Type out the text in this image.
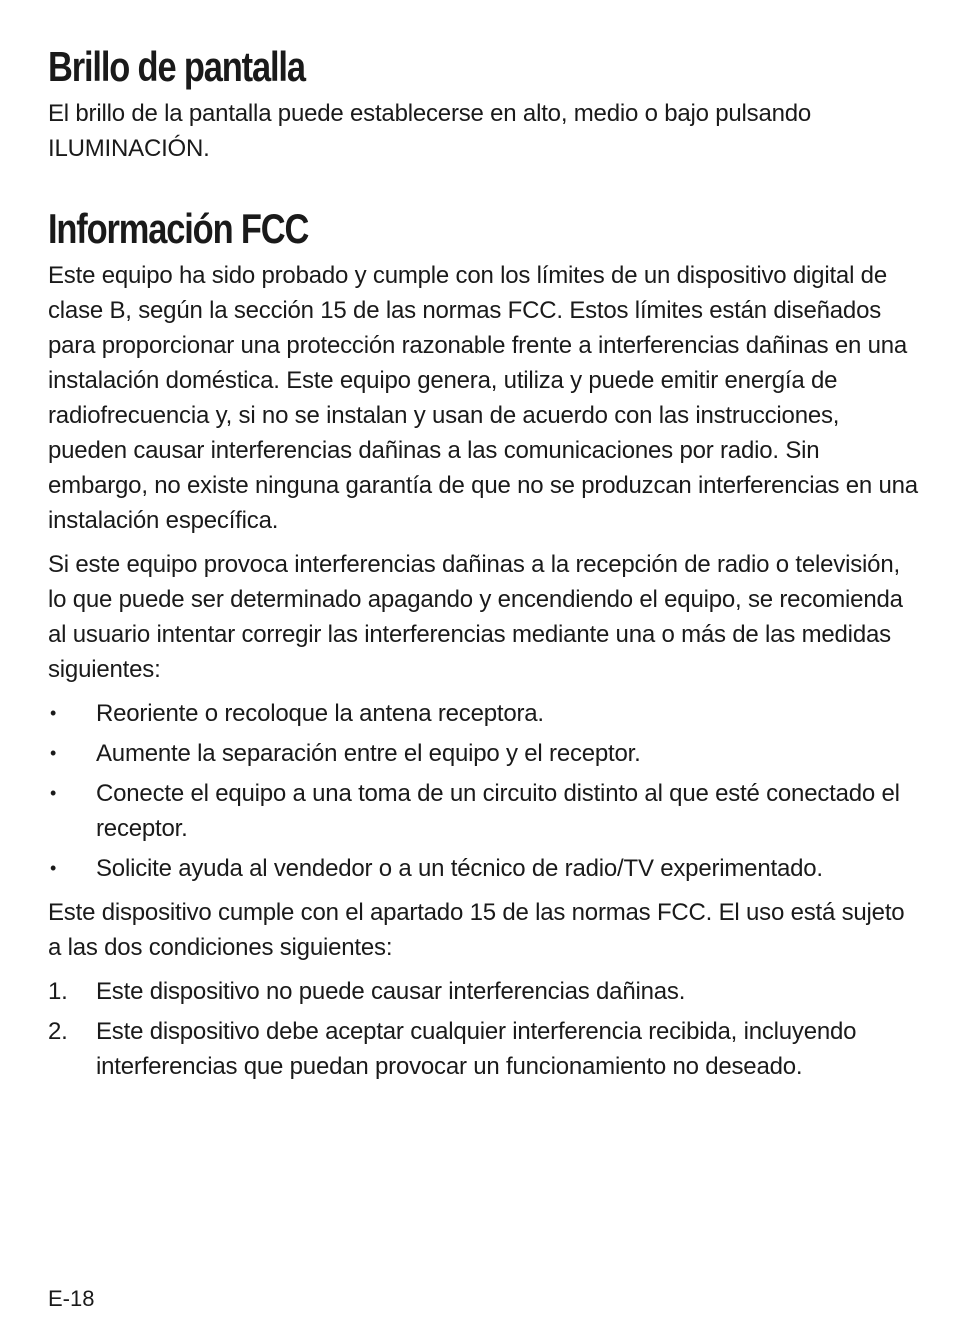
Brillo de pantalla

El brillo de la pantalla puede establecerse en alto, medio o bajo pulsando ILUMINACIÓN.

Información FCC

Este equipo ha sido probado y cumple con los límites de un dispositivo digital de clase B, según la sección 15 de las normas FCC. Estos límites están diseñados para proporcionar una protección razonable frente a interferencias dañinas en una instalación doméstica. Este equipo genera, utiliza y puede emitir energía de radiofrecuencia y, si no se instalan y usan de acuerdo con las instrucciones, pueden causar interferencias dañinas a las comunicaciones por radio. Sin embargo, no existe ninguna garantía de que no se produzcan interferencias en una instalación específica.

Si este equipo provoca interferencias dañinas a la recepción de radio o televisión, lo que puede ser determinado apagando y encendiendo el equipo, se recomienda al usuario intentar corregir las interferencias mediante una o más de las medidas siguientes:

•	Reoriente o recoloque la antena receptora.
•	Aumente la separación entre el equipo y el receptor.
•	Conecte el equipo a una toma de un circuito distinto al que esté conectado el receptor.
•	Solicite ayuda al vendedor o a un técnico de radio/TV experimentado.

Este dispositivo cumple con el apartado 15 de las normas FCC. El uso está sujeto a las dos condiciones siguientes:

1.	Este dispositivo no puede causar interferencias dañinas.
2.	Este dispositivo debe aceptar cualquier interferencia recibida, incluyendo interferencias que puedan provocar un funcionamiento no deseado.
E-18
